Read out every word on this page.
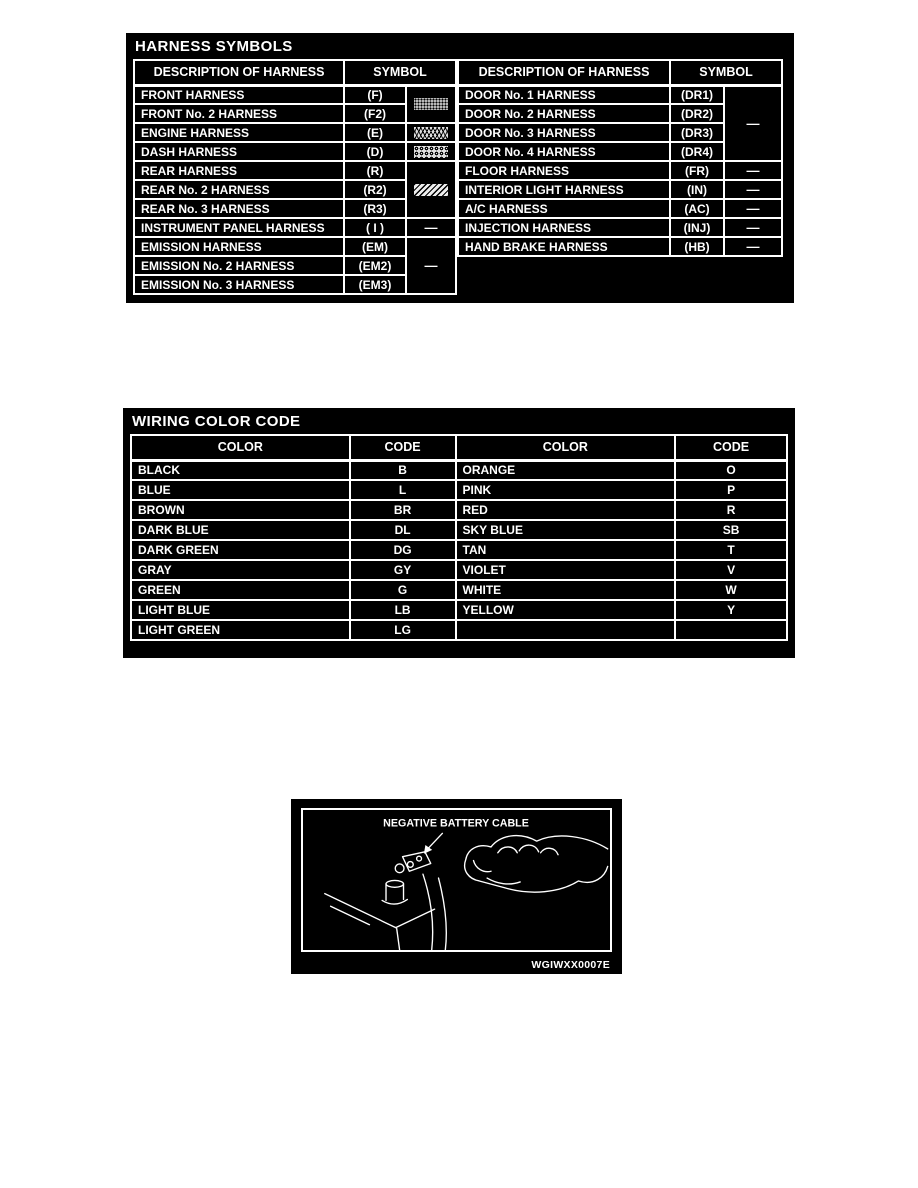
HARNESS SYMBOLS
DESCRIPTION OF HARNESS	SYMBOL	
FRONT HARNESS	(F)	

FRONT No. 2 HARNESS	(F2)	
ENGINE HARNESS	(E)	

DASH HARNESS	(D)	

REAR HARNESS	(R)	

REAR No. 2 HARNESS	(R2)	
REAR No. 3 HARNESS	(R3)	
INSTRUMENT PANEL HARNESS	( I )	—
EMISSION HARNESS	(EM)	—
EMISSION No. 2 HARNESS	(EM2)	
EMISSION No. 3 HARNESS	(EM3)	
DESCRIPTION OF HARNESS	SYMBOL	
DOOR No. 1 HARNESS	(DR1)	—
DOOR No. 2 HARNESS	(DR2)	
DOOR No. 3 HARNESS	(DR3)	
DOOR No. 4 HARNESS	(DR4)	
FLOOR HARNESS	(FR)	—
INTERIOR LIGHT HARNESS	(IN)	—
A/C HARNESS	(AC)	—
INJECTION HARNESS	(INJ)	—
HAND BRAKE HARNESS	(HB)	—
WIRING COLOR CODE
COLOR	CODE	COLOR	CODE
BLACK	B	ORANGE	O
BLUE	L	PINK	P
BROWN	BR	RED	R
DARK BLUE	DL	SKY BLUE	SB
DARK GREEN	DG	TAN	T
GRAY	GY	VIOLET	V
GREEN	G	WHITE	W
LIGHT BLUE	LB	YELLOW	Y
LIGHT GREEN	LG		
NEGATIVE BATTERY CABLE
WGIWXX0007E
